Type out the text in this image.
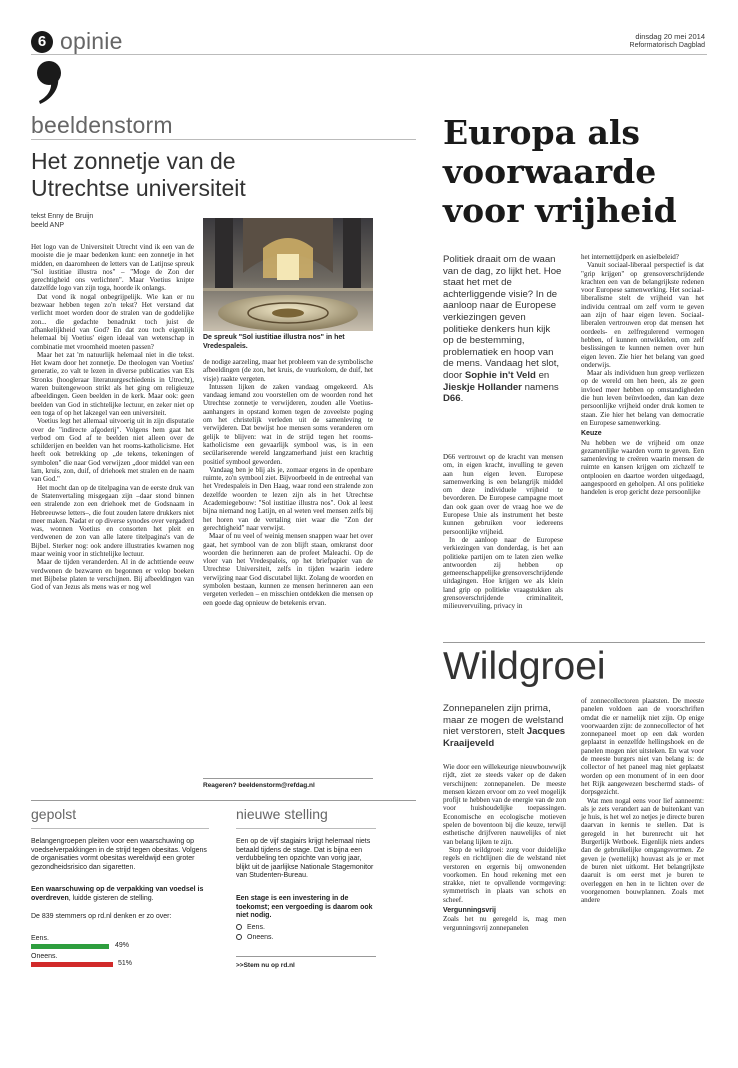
6 opinie	dinsdag 20 mei 2014
Reformatorisch Dagblad
beeldenstorm
Het zonnetje van de Utrechtse universiteit
tekst Enny de Bruijn
beeld ANP
De spreuk "Sol iustitiae illustra nos" in het Vredespaleis.

Het logo van de Universiteit Utrecht vind ik een van de mooiste die je maar bedenken kunt: een zonnetje in het midden, en daaromheen de letters van de Latijnse spreuk "Sol iustitiae illustra nos" – "Moge de Zon der gerechtigheid ons verlichten". Maar Voetius knipte datzelfde logo van zijn toga, hoorde ik onlangs.

Dat vond ik nogal onbegrijpelijk. Wie kan er nu bezwaar hebben tegen zo'n tekst? Het verstand dat verlicht moet worden door de stralen van de goddelijke zon... die gedachte benadrukt toch juist de afhankelijkheid van God? En dat zou toch eigenlijk helemaal bij Voetius' eigen ideaal van wetenschap in combinatie met vroomheid moeten passen?

Maar het zat 'm natuurlijk helemaal niet in die tekst. Het kwam door het zonnetje. De theologen van Voetius' generatie, zo valt te lezen in diverse publicaties van Els Stronks (hoogleraar literatuurgeschiedenis in Utrecht), waren buitengewoon strikt als het ging om religieuze afbeeldingen. Geen beelden in de kerk. Maar ook: geen beelden van God in stichtelijke lectuur, en zeker niet op een toga of op het lakzegel van een universiteit.

Voetius legt het allemaal uitvoerig uit in zijn disputatie over de "indirecte afgoderij". Volgens hem gaat het verbod om God af te beelden niet alleen over de schilderijen en beelden van het rooms-katholicisme. Het heeft ook betrekking op „de tekens, tekeningen of symbolen" die naar God verwijzen „door middel van een lam, kruis, zon, duif, of driehoek met stralen en de naam van God."

Het mocht dan op de titelpagina van de eerste druk van de Statenvertaling misgegaan zijn –daar stond binnen een stralende zon een driehoek met de Godsnaam in Hebreeuwse letters–, die fout zouden latere drukkers niet meer maken. Nadat er op diverse synodes over vergaderd was, wonnen Voetius en consorten het pleit en verdwenen de zon van alle latere titelpagina's van de Bijbel. Sterker nog: ook andere illustraties kwamen nog maar weinig voor in stichtelijke lectuur.

Maar de tijden veranderden. Al in de achttiende eeuw verdwenen de bezwaren en begonnen er volop boeken met Bijbelse platen te verschijnen. Bij afbeeldingen van God of van Jezus als mens was er nog wel

de nodige aarzeling, maar het probleem van de symbolische afbeeldingen (de zon, het kruis, de vuurkolom, de duif, het visje) raakte vergeten.

Intussen lijken de zaken vandaag omgekeerd. Als vandaag iemand zou voorstellen om de woorden rond het Utrechtse zonnetje te verwijderen, zouden alle Voetius-aanhangers in opstand komen tegen de zoveelste poging om het christelijk verleden uit de samenleving te verwijderen. Dat bewijst hoe mensen soms veranderen om gelijk te blijven: wat in de strijd tegen het rooms-katholicisme een gevaarlijk symbool was, is in een secülariserende wereld langzamerhand juist een krachtig positief symbool geworden.

Vandaag ben je blij als je, zomaar ergens in de openbare ruimte, zo'n symbool ziet. Bijvoorbeeld in de entreehal van het Vredespaleis in Den Haag, waar rond een stralende zon dezelfde woorden te lezen zijn als in het Utrechtse Academiegebouw: "Sol iustitiae illustra nos". Ook al leest bijna niemand nog Latijn, en al weten veel mensen zelfs bij het horen van de vertaling niet waar die "Zon der gerechtigheid" naar verwijst.

Maar of nu veel of weinig mensen snappen waar het over gaat, het symbool van de zon blijft staan, omkranst door woorden die herinneren aan de profeet Maleachi. Op de vloer van het Vredespaleis, op het briefpapier van de Utrechtse Universiteit, zelfs in tijden waarin iedere verwijzing naar God discutabel lijkt. Zolang de woorden en symbolen bestaan, kunnen ze mensen herinneren aan een vergeten verleden – en misschien ontdekken die mensen op een goede dag opnieuw de betekenis ervan.

Reageren? beeldenstorm@refdag.nl
gepolst
Belangengroepen pleiten voor een waarschuwing op voedselverpakkingen in de strijd tegen obesitas. Volgens de organisaties vormt obesitas wereldwijd een groter gezondheidsrisico dan sigaretten.
Een waarschuwing op de verpakking van voedsel is overdreven, luidde gisteren de stelling.
De 839 stemmers op rd.nl denken er zo over:
Eens.
49%
Oneens.
51%
nieuwe stelling
Een op de vijf stagiairs krijgt helemaal niets betaald tijdens de stage. Dat is bijna een verdubbeling ten opzichte van vorig jaar, blijkt uit de jaarlijkse Nationale Stagemonitor van Studenten-Bureau.
Een stage is een investering in de toekomst; een vergoeding is daarom ook niet nodig.
Eens.
Oneens.
>>Stem nu op rd.nl
Europa als voorwaarde voor vrijheid
Politiek draait om de waan van de dag, zo lijkt het. Hoe staat het met de achterliggende visie? In de aanloop naar de Europese verkiezingen geven politieke denkers hun kijk op de bestemming, problematiek en hoop van de mens. Vandaag het slot, door Sophie in't Veld en Jieskje Hollander namens D66.

D66 vertrouwt op de kracht van mensen om, in eigen kracht, invulling te geven aan hun eigen leven. Europese samenwerking is een belangrijk middel om deze individuele vrijheid te bevorderen. De Europese campagne moet dan ook gaan over de vraag hoe we de Europese Unie als instrument het beste kunnen gebruiken voor iedereens persoonlijke vrijheid.

In de aanloop naar de Europese verkiezingen van donderdag, is het aan politieke partijen om te laten zien welke antwoorden zij hebben op gemeenschappelijke grensoverschrijdende uitdagingen. Hoe krijgen we als klein land grip op politieke vraagstukken als grensoverschrijdende criminaliteit, milieuvervuiling, privacy in

het internettijdperk en asielbeleid?

Vanuit sociaal-liberaal perspectief is dat "grip krijgen" op grensoverschrijdende krachten een van de belangrijkste redenen voor Europese samenwerking. Het sociaal-liberalisme stelt de vrijheid van het individu centraal om zelf vorm te geven aan zijn of haar eigen leven. Sociaal-liberalen vertrouwen erop dat mensen het oordeels- en zelfregulerend vermogen hebben, of kunnen ontwikkelen, om zelf beslissingen te kunnen nemen over hun eigen leven. Zie hier het belang van goed onderwijs.

Maar als individuen hun greep verliezen op de wereld om hen heen, als ze geen invloed meer hebben op omstandigheden die hun leven beïnvloeden, dan kan deze persoonlijke vrijheid onder druk komen te staan. Zie hier het belang van democratie en Europese samenwerking.

Keuze

Nu hebben we de vrijheid om onze gezamenlijke waarden vorm te geven. Een samenleving te creëren waarin mensen de ruimte en kansen krijgen om zichzelf te ontplooien en daartoe worden uitgedaagd, aangespoord en geholpen. Al ons politieke handelen is erop gericht deze persoonlijke

Wildgroei
Zonnepanelen zijn prima, maar ze mogen de welstand niet verstoren, stelt Jacques Kraaijeveld

Wie door een willekeurige nieuwbouwwijk rijdt, ziet ze steeds vaker op de daken verschijnen: zonnepanelen. De meeste mensen kiezen ervoor om zo veel mogelijk profijt te hebben van de energie van de zon voor huishoudelijke toepassingen. Economische en ecologische motieven spelen de boventoon bij die keuze, terwijl esthetische drijfveren nauwelijks of niet van belang lijken te zijn.

Stop de wildgroei: zorg voor duidelijke regels en richtlijnen die de welstand niet verstoren en ergernis bij omwonenden voorkomen. En houd rekening met een strakke, niet te opvallende vormgeving: symmetrisch in plaats van schots en scheef.

Vergunningsvrij

Zoals het nu geregeld is, mag men vergunningsvrij zonnepanelen

of zonnecollectoren plaatsten. De meeste panelen voldoen aan de voorschriften omdat die er namelijk niet zijn. Op enige voorwaarden zijn: de zonnecollector of het zonnepaneel moet op een dak worden geplaatst in eenzelfde hellingshoek en de panelen mogen niet uitsteken. En wat voor de meeste burgers niet van belang is: de collector of het paneel mag niet geplaatst worden op een monument of in een door het Rijk aangewezen beschermd stads- of dorpsgezicht.

Wat men nogal eens voor lief aanneemt: als je zets verandert aan de buitenkant van je huis, is het wel zo netjes je directe buren daarvan in kennis te stellen. Dat is geregeld in het burenrecht uit het Burgerlijk Wetboek. Eigenlijk niets anders dan de gebruikelijke omgangsvormen. Ze geven je (wettelijk) houvast als je er met de buren niet uitkomt. Het belangrijkste daaruit is om eerst met je buren te overleggen en hen in te lichten over de voorgenomen bouwplannen. Zoals met andere
